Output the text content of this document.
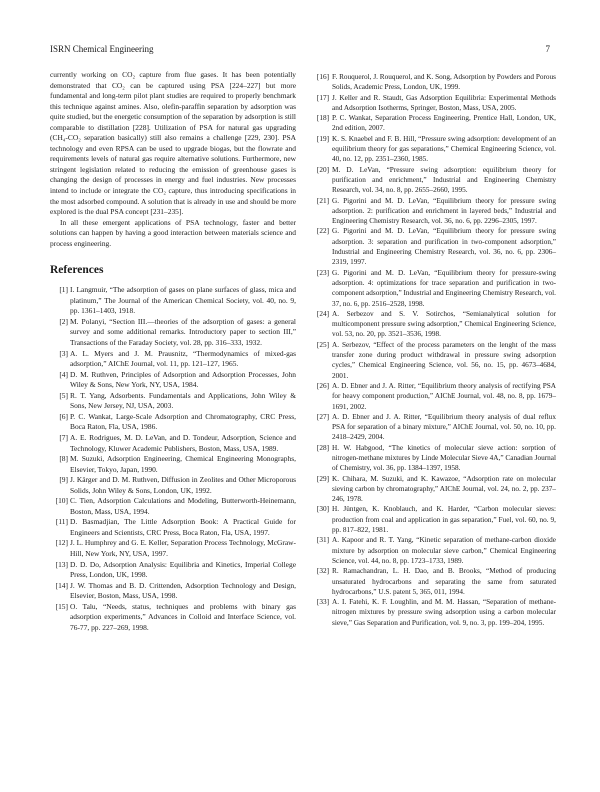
ISRN Chemical Engineering	7

currently working on CO₂ capture from flue gases. It has been potentially demonstrated that CO₂ can be captured using PSA [224–227] but more fundamental and long-term pilot plant studies are required to properly benchmark this technique against amines. Also, olefin-paraffin separation by adsorption was quite studied, but the energetic consumption of the separation by adsorption is still comparable to distillation [228]. Utilization of PSA for natural gas upgrading (CH₄-CO₂ separation basically) still also remains a challenge [229, 230]. PSA technology and even RPSA can be used to upgrade biogas, but the flowrate and requirements levels of natural gas require alternative solutions. Furthermore, new stringent legislation related to reducing the emission of greenhouse gases is changing the design of processes in energy and fuel industries. New processes intend to include or integrate the CO₂ capture, thus introducing specifications in the most adsorbed compound. A solution that is already in use and should be more explored is the dual PSA concept [231–235].

In all these emergent applications of PSA technology, faster and better solutions can happen by having a good interaction between materials science and process engineering.

References
[1] I. Langmuir, “The adsorption of gases on plane surfaces of glass, mica and platinum,” The Journal of the American Chemical Society, vol. 40, no. 9, pp. 1361–1403, 1918.
[2] M. Polanyi, “Section III.—theories of the adsorption of gases: a general survey and some additional remarks. Introductory paper to section III,” Transactions of the Faraday Society, vol. 28, pp. 316–333, 1932.
[3] A. L. Myers and J. M. Prausnitz, “Thermodynamics of mixed-gas adsorption,” AIChE Journal, vol. 11, pp. 121–127, 1965.
[4] D. M. Ruthven, Principles of Adsorption and Adsorption Processes, John Wiley & Sons, New York, NY, USA, 1984.
[5] R. T. Yang, Adsorbents. Fundamentals and Applications, John Wiley & Sons, New Jersey, NJ, USA, 2003.
[6] P. C. Wankat, Large-Scale Adsorption and Chromatography, CRC Press, Boca Raton, Fla, USA, 1986.
[7] A. E. Rodrigues, M. D. LeVan, and D. Tondeur, Adsorption, Science and Technology, Kluwer Academic Publishers, Boston, Mass, USA, 1989.
[8] M. Suzuki, Adsorption Engineering, Chemical Engineering Monographs, Elsevier, Tokyo, Japan, 1990.
[9] J. Kärger and D. M. Ruthven, Diffusion in Zeolites and Other Microporous Solids, John Wiley & Sons, London, UK, 1992.
[10] C. Tien, Adsorption Calculations and Modeling, Butterworth-Heinemann, Boston, Mass, USA, 1994.
[11] D. Basmadjian, The Little Adsorption Book: A Practical Guide for Engineers and Scientists, CRC Press, Boca Raton, Fla, USA, 1997.
[12] J. L. Humphrey and G. E. Keller, Separation Process Technology, McGraw-Hill, New York, NY, USA, 1997.
[13] D. D. Do, Adsorption Analysis: Equilibria and Kinetics, Imperial College Press, London, UK, 1998.
[14] J. W. Thomas and B. D. Crittenden, Adsorption Technology and Design, Elsevier, Boston, Mass, USA, 1998.
[15] O. Talu, “Needs, status, techniques and problems with binary gas adsorption experiments,” Advances in Colloid and Interface Science, vol. 76-77, pp. 227–269, 1998.
[16] F. Rouquerol, J. Rouquerol, and K. Song, Adsorption by Powders and Porous Solids, Academic Press, London, UK, 1999.
[17] J. Keller and R. Staudt, Gas Adsorption Equilibria: Experimental Methods and Adsorption Isotherms, Springer, Boston, Mass, USA, 2005.
[18] P. C. Wankat, Separation Process Engineering, Prentice Hall, London, UK, 2nd edition, 2007.
[19] K. S. Knaebel and F. B. Hill, “Pressure swing adsorption: development of an equilibrium theory for gas separations,” Chemical Engineering Science, vol. 40, no. 12, pp. 2351–2360, 1985.
[20] M. D. LeVan, “Pressure swing adsorption: equilibrium theory for purification and enrichment,” Industrial and Engineering Chemistry Research, vol. 34, no. 8, pp. 2655–2660, 1995.
[21] G. Pigorini and M. D. LeVan, “Equilibrium theory for pressure swing adsorption. 2: purification and enrichment in layered beds,” Industrial and Engineering Chemistry Research, vol. 36, no. 6, pp. 2296–2305, 1997.
[22] G. Pigorini and M. D. LeVan, “Equilibrium theory for pressure swing adsorption. 3: separation and purification in two-component adsorption,” Industrial and Engineering Chemistry Research, vol. 36, no. 6, pp. 2306–2319, 1997.
[23] G. Pigorini and M. D. LeVan, “Equilibrium theory for pressure-swing adsorption. 4: optimizations for trace separation and purification in two-component adsorption,” Industrial and Engineering Chemistry Research, vol. 37, no. 6, pp. 2516–2528, 1998.
[24] A. Serbezov and S. V. Sotirchos, “Semianalytical solution for multicomponent pressure swing adsorption,” Chemical Engineering Science, vol. 53, no. 20, pp. 3521–3536, 1998.
[25] A. Serbezov, “Effect of the process parameters on the lenght of the mass transfer zone during product withdrawal in pressure swing adsorption cycles,” Chemical Engineering Science, vol. 56, no. 15, pp. 4673–4684, 2001.
[26] A. D. Ebner and J. A. Ritter, “Equilibrium theory analysis of rectifying PSA for heavy component production,” AIChE Journal, vol. 48, no. 8, pp. 1679–1691, 2002.
[27] A. D. Ebner and J. A. Ritter, “Equilibrium theory analysis of dual reflux PSA for separation of a binary mixture,” AIChE Journal, vol. 50, no. 10, pp. 2418–2429, 2004.
[28] H. W. Habgood, “The kinetics of molecular sieve action: sorption of nitrogen-methane mixtures by Linde Molecular Sieve 4A,” Canadian Journal of Chemistry, vol. 36, pp. 1384–1397, 1958.
[29] K. Chihara, M. Suzuki, and K. Kawazoe, “Adsorption rate on molecular sieving carbon by chromatography,” AIChE Journal, vol. 24, no. 2, pp. 237–246, 1978.
[30] H. Jüntgen, K. Knoblauch, and K. Harder, “Carbon molecular sieves: production from coal and application in gas separation,” Fuel, vol. 60, no. 9, pp. 817–822, 1981.
[31] A. Kapoor and R. T. Yang, “Kinetic separation of methane-carbon dioxide mixture by adsorption on molecular sieve carbon,” Chemical Engineering Science, vol. 44, no. 8, pp. 1723–1733, 1989.
[32] R. Ramachandran, L. H. Dao, and B. Brooks, “Method of producing unsaturated hydrocarbons and separating the same from saturated hydrocarbons,” U.S. patent 5, 365, 011, 1994.
[33] A. I. Fatehi, K. F. Loughlin, and M. M. Hassan, “Separation of methane-nitrogen mixtures by pressure swing adsorption using a carbon molecular sieve,” Gas Separation and Purification, vol. 9, no. 3, pp. 199–204, 1995.
